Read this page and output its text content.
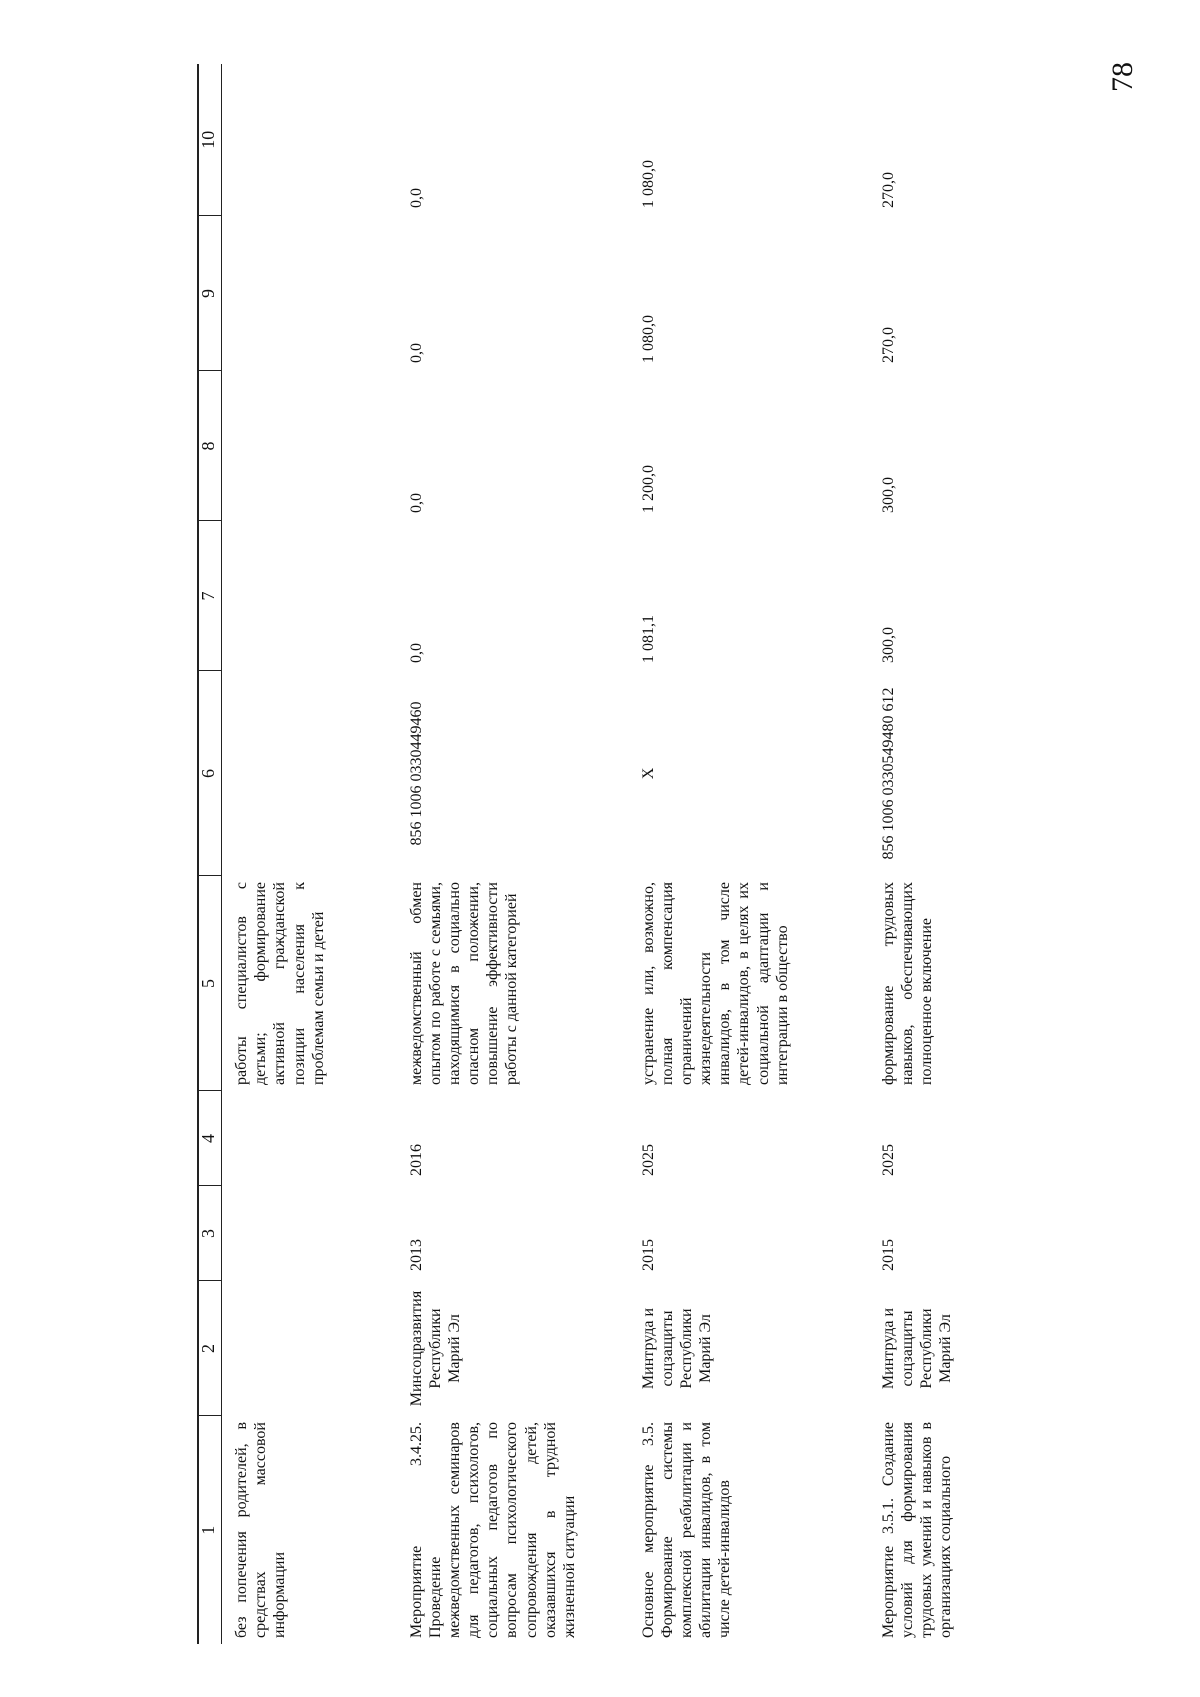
78
1	2	3	4	5	6	7	8	9	10
без попечения родителей, в средствах массовой информации				работы специалистов с детьми; формирование активной гражданской позиции населения к проблемам семьи и детей					
Мероприятие 3.4.25. Проведение межведомственных семинаров для педагогов, психологов, социальных педагогов по вопросам психологического сопровождения детей, оказавшихся в трудной жизненной ситуации	Минсоцразвития Республики Марий Эл	2013	2016	межведомственный обмен опытом по работе с семьями, находящимися в социально опасном положении, повышение эффективности работы с данной категорией	856 1006 0330449460	0,0	0,0	0,0	0,0
Основное мероприятие 3.5. Формирование системы комплексной реабилитации и абилитации инвалидов, в том числе детей-инвалидов	Минтруда и соцзащиты Республики Марий Эл	2015	2025	устранение или, возможно, полная компенсация ограничений жизнедеятельности инвалидов, в том числе детей-инвалидов, в целях их социальной адаптации и интеграции в общество	X	1 081,1	1 200,0	1 080,0	1 080,0
Мероприятие 3.5.1. Создание условий для формирования трудовых умений и навыков в организациях социального	Минтруда и соцзащиты Республики Марий Эл	2015	2025	формирование трудовых навыков, обеспечивающих полноценное включение	856 1006 0330549480 612	300,0	300,0	270,0	270,0
